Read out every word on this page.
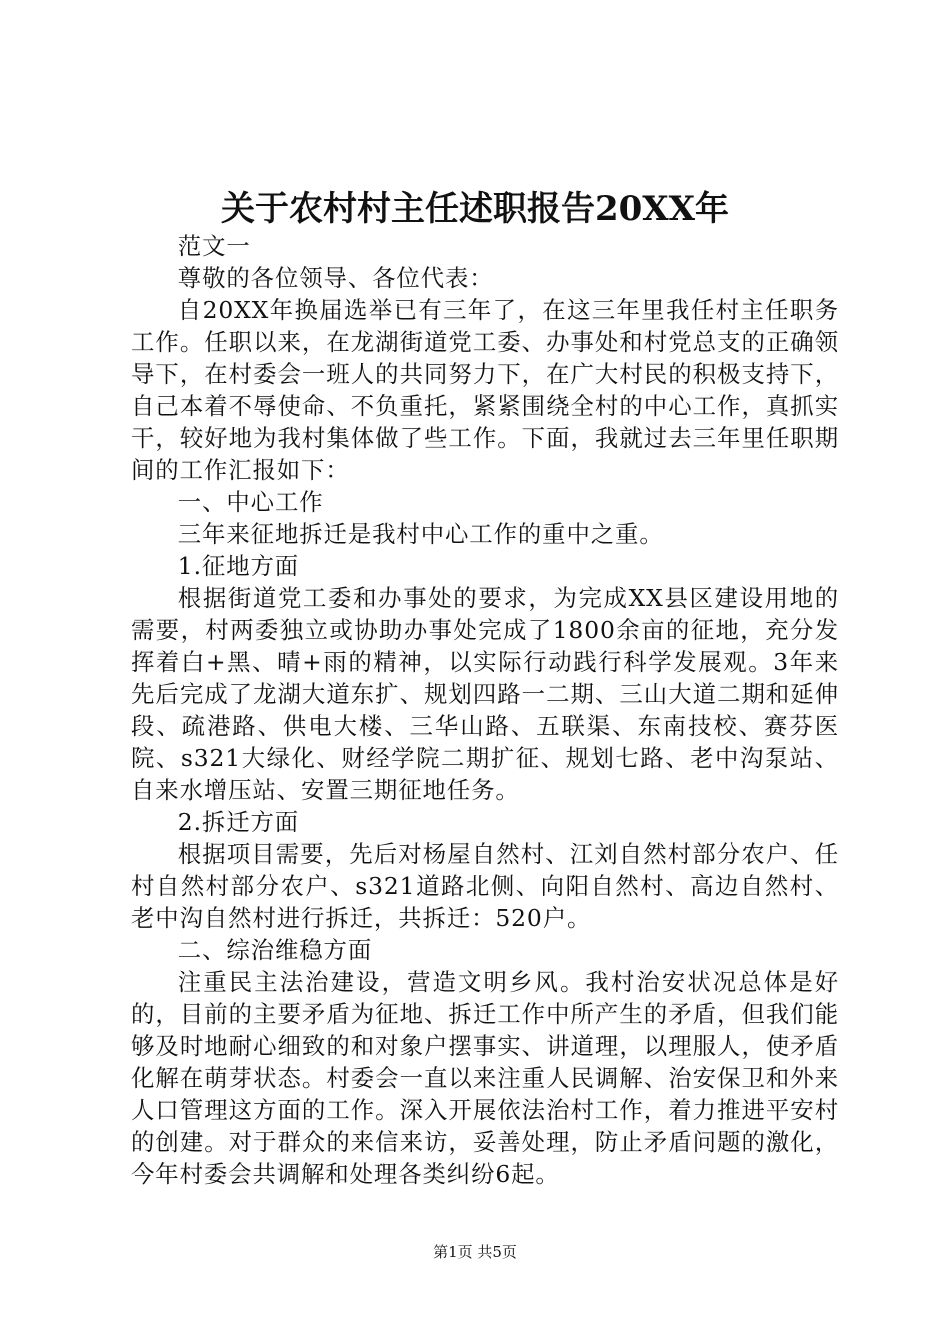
关于农村村主任述职报告20XX年

范文一

尊敬的各位领导、各位代表：

自20XX年换届选举已有三年了，在这三年里我任村主任职务工作。任职以来，在龙湖街道党工委、办事处和村党总支的正确领导下，在村委会一班人的共同努力下，在广大村民的积极支持下，自己本着不辱使命、不负重托，紧紧围绕全村的中心工作，真抓实干，较好地为我村集体做了些工作。下面，我就过去三年里任职期间的工作汇报如下：

一、中心工作

三年来征地拆迁是我村中心工作的重中之重。

1.征地方面

根据街道党工委和办事处的要求，为完成XX县区建设用地的需要，村两委独立或协助办事处完成了1800余亩的征地，充分发挥着白+黑、晴+雨的精神，以实际行动践行科学发展观。3年来先后完成了龙湖大道东扩、规划四路一二期、三山大道二期和延伸段、疏港路、供电大楼、三华山路、五联渠、东南技校、赛芬医院、s321大绿化、财经学院二期扩征、规划七路、老中沟泵站、自来水增压站、安置三期征地任务。

2.拆迁方面

根据项目需要，先后对杨屋自然村、江刘自然村部分农户、任村自然村部分农户、s321道路北侧、向阳自然村、高边自然村、老中沟自然村进行拆迁，共拆迁：520户。

二、综治维稳方面

注重民主法治建设，营造文明乡风。我村治安状况总体是好的，目前的主要矛盾为征地、拆迁工作中所产生的矛盾，但我们能够及时地耐心细致的和对象户摆事实、讲道理，以理服人，使矛盾化解在萌芽状态。村委会一直以来注重人民调解、治安保卫和外来人口管理这方面的工作。深入开展依法治村工作，着力推进平安村的创建。对于群众的来信来访，妥善处理，防止矛盾问题的激化，今年村委会共调解和处理各类纠纷6起。

第1页 共5页
